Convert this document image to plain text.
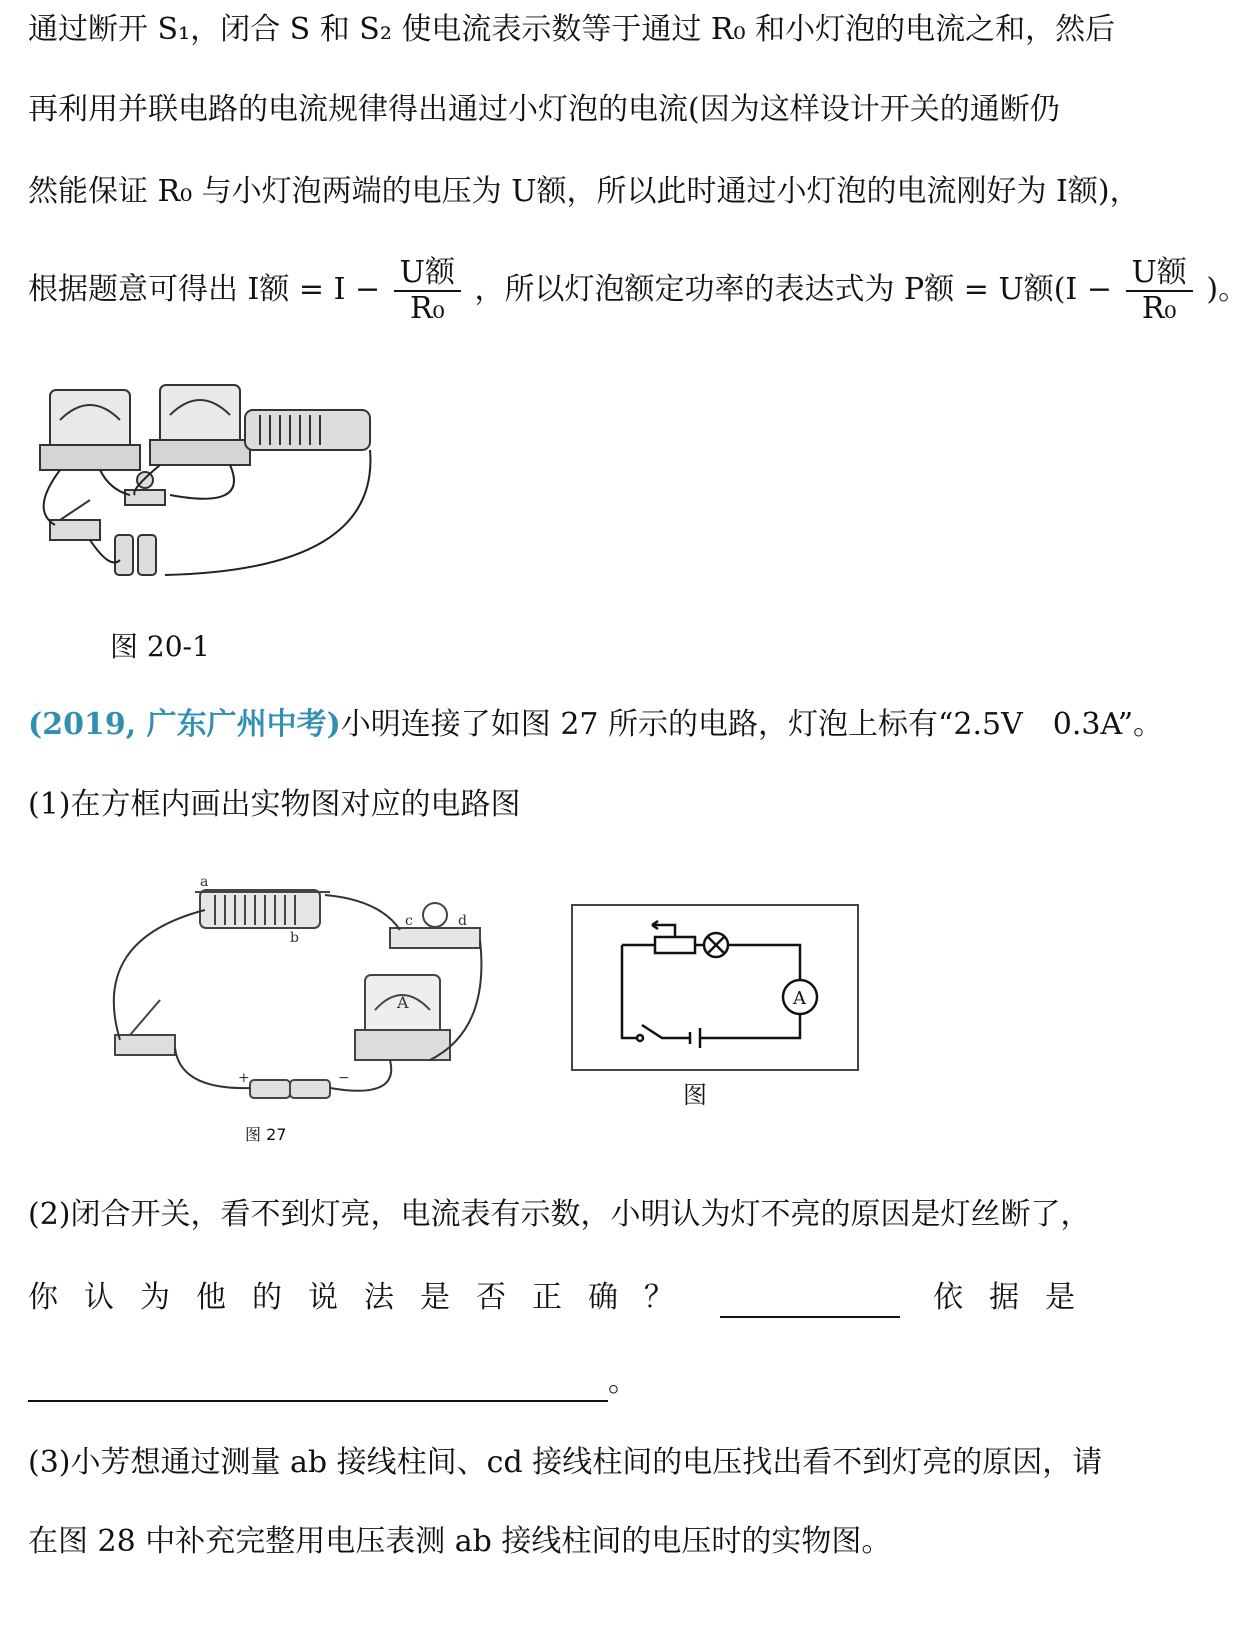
通过断开 S₁，闭合 S 和 S₂ 使电流表示数等于通过 R₀ 和小灯泡的电流之和，然后
再利用并联电路的电流规律得出通过小灯泡的电流(因为这样设计开关的通断仍
然能保证 R₀ 与小灯泡两端的电压为 U额，所以此时通过小灯泡的电流刚好为 I额)，
根据题意可得出 I额 = $I - \frac{\text{U额}}{\text{R₀}}$ ，所以灯泡额定功率的表达式为 P额 = U额($I - \frac{\text{U额}}{\text{R₀}}$ )。
图 20-1
(2019, 广东广州中考)小明连接了如图 27 所示的电路，灯泡上标有“2.5V　0.3A”。
(1)在方框内画出实物图对应的电路图
a
b
c	d
A
+	−
图 27
A
图
(2)闭合开关，看不到灯亮，电流表有示数，小明认为灯不亮的原因是灯丝断了，
你认为他的说法是否正确？	依据是
。
(3)小芳想通过测量 ab 接线柱间、cd 接线柱间的电压找出看不到灯亮的原因，请
在图 28 中补充完整用电压表测 ab 接线柱间的电压时的实物图。
